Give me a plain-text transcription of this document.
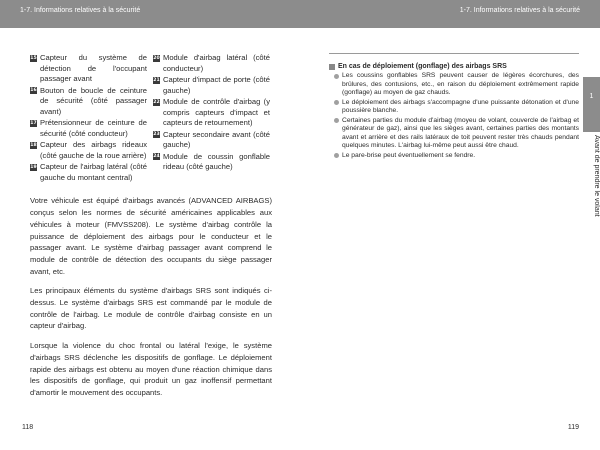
1-7. Informations relatives à la sécurité	1-7. Informations relatives à la sécurité
15 Capteur du système de détection de l'occupant passager avant
16 Bouton de boucle de ceinture de sécurité (côté passager avant)
17 Prétensionneur de ceinture de sécurité (côté conducteur)
18 Capteur des airbags rideaux (côté gauche de la roue arrière)
19 Capteur de l'airbag latéral (côté gauche du montant central)
20 Module d'airbag latéral (côté conducteur)
21 Capteur d'impact de porte (côté gauche)
22 Module de contrôle d'airbag (y compris capteurs d'impact et capteurs de retournement)
23 Capteur secondaire avant (côté gauche)
24 Module de coussin gonflable rideau (côté gauche)

Votre véhicule est équipé d'airbags avancés (ADVANCED AIRBAGS) conçus selon les normes de sécurité américaines applicables aux véhicules à moteur (FMVSS208). Le système d'airbag contrôle la puissance de déploiement des airbags pour le conducteur et le passager avant. Le système d'airbag passager avant comprend le module de contrôle de détection des occupants du siège passager avant, etc.

Les principaux éléments du système d'airbags SRS sont indiqués ci-dessus. Le système d'airbags SRS est commandé par le module de contrôle de l'airbag. Le module de contrôle d'airbag consiste en un capteur d'airbag.

Lorsque la violence du choc frontal ou latéral l'exige, le système d'airbags SRS déclenche les dispositifs de gonflage. Le déploiement rapide des airbags est obtenu au moyen d'une réaction chimique dans les dispositifs de gonflage, qui produit un gaz inoffensif permettant d'amortir le mouvement des occupants.

En cas de déploiement (gonflage) des airbags SRS
Les coussins gonflables SRS peuvent causer de légères écorchures, des brûlures, des contusions, etc., en raison du déploiement extrêmement rapide (gonflage) au moyen de gaz chauds.
Le déploiement des airbags s'accompagne d'une puissante détonation et d'une poussière blanche.
Certaines parties du module d'airbag (moyeu de volant, couvercle de l'airbag et générateur de gaz), ainsi que les sièges avant, certaines parties des montants avant et arrière et des rails latéraux de toit peuvent rester très chauds pendant quelques minutes. L'airbag lui-même peut aussi être chaud.
Le pare-brise peut éventuellement se fendre.
1
Avant de prendre le volant
118	119
